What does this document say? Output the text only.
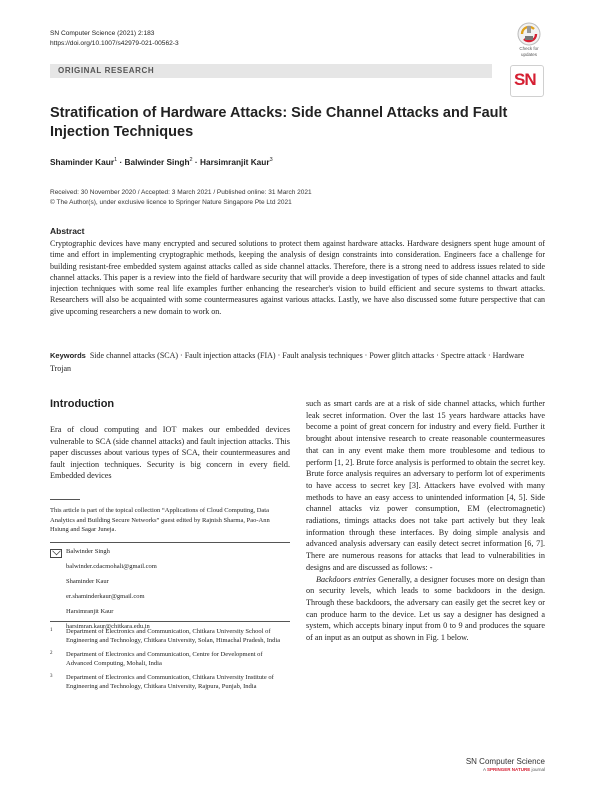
SN Computer Science (2021) 2:183
https://doi.org/10.1007/s42979-021-00562-3
Check for
updates
ORIGINAL RESEARCH	SN
Stratification of Hardware Attacks: Side Channel Attacks and Fault Injection Techniques
Shaminder Kaur$^1$ · Balwinder Singh$^2$ · Harsimranjit Kaur$^3$
Received: 30 November 2020 / Accepted: 3 March 2021 / Published online: 31 March 2021
© The Author(s), under exclusive licence to Springer Nature Singapore Pte Ltd 2021
Abstract
Cryptographic devices have many encrypted and secured solutions to protect them against hardware attacks. Hardware designers spent huge amount of time and effort in implementing cryptographic methods, keeping the analysis of design constraints into consideration. Engineers face a challenge for building resistant-free embedded system against attacks called as side channel attacks. Therefore, there is a strong need to address issues related to side channel attacks. This paper is a review into the field of hardware security that will provide a deep investigation of types of side channel attacks and fault injection techniques with some real life examples further enhancing the researcher's vision to build efficient and secure systems to thwart attacks. Researchers will also be acquainted with some countermeasures against various attacks. Lastly, we have also discussed some future perspective that can give upcoming researchers a new domain to work on.
Keywords Side channel attacks (SCA) · Fault injection attacks (FIA) · Fault analysis techniques · Power glitch attacks · Spectre attack · Hardware Trojan
Introduction

Era of cloud computing and IOT makes our embedded devices vulnerable to SCA (side channel attacks) and fault injection attacks. This paper discusses about various types of SCA, their countermeasures and fault injection techniques. Security is big concern in every field. Embedded devices

such as smart cards are at a risk of side channel attacks, which further leak secret information. Over the last 15 years hardware attacks have become a point of great concern for industry and every field. Further it brought about intensive research to create reasonable countermeasures that can in any event make them more troublesome and tedious to perform [1, 2]. Brute force analysis is performed to obtain the secret key. Brute force analysis requires an adversary to perform lot of experiments to have access to secret key [3]. Attackers have evolved with many methods to have an easy access to unintended information [4, 5]. Side channel attacks viz power consumption, EM (electromagnetic) radiations, timings attacks does not take part actively but they leak information through these interfaces. By doing simple analysis and advanced analysis adversary can easily detect secret information [6, 7]. There are numerous reasons for attacks that lead to vulnerabilities in designs and are discussed as follows: -

Backdoors entries Generally, a designer focuses more on design than on security levels, which leads to some backdoors in the design. Through these backdoors, the adversary can easily get the secret key or can produce harm to the device. Let us say a designer has designed a system, which accepts binary input from 0 to 9 and produces the square of an input as an output as shown in Fig. 1 below.

This article is part of the topical collection “Applications of Cloud Computing, Data Analytics and Building Secure Networks” guest edited by Rajnish Sharma, Pao-Ann Hsiung and Sagar Juneja.
Balwinder Singh
balwinder.cdacmohali@gmail.com
Shaminder Kaur
er.shaminderkaur@gmail.com
Harsimranjit Kaur
harsimran.kaur@chitkara.edu.in
1 Department of Electronics and Communication, Chitkara University School of Engineering and Technology, Chitkara University, Solan, Himachal Pradesh, India
2 Department of Electronics and Communication, Centre for Development of Advanced Computing, Mohali, India
3 Department of Electronics and Communication, Chitkara University Institute of Engineering and Technology, Chitkara University, Rajpura, Punjab, India
SN Computer Science
A SPRINGER NATURE journal
